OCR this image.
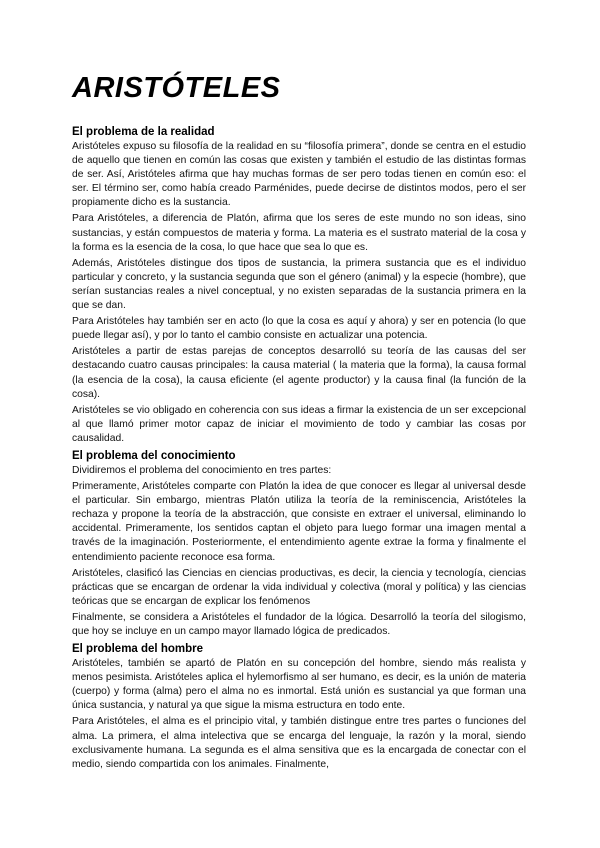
ARISTÓTELES
El problema de la realidad

Aristóteles expuso su filosofía de la realidad en su “filosofía primera”, donde se centra en el estudio de aquello que tienen en común las cosas que existen y también el estudio de las distintas formas de ser. Así, Aristóteles afirma que hay muchas formas de ser pero todas tienen en común eso: el ser. El término ser, como había creado Parménides, puede decirse de distintos modos, pero el ser propiamente dicho es la sustancia.

Para Aristóteles, a diferencia de Platón, afirma que los seres de este mundo no son ideas, sino sustancias, y están compuestos de materia y forma. La materia es el sustrato material de la cosa y la forma es la esencia de la cosa, lo que hace que sea lo que es.

Además, Aristóteles distingue dos tipos de sustancia, la primera sustancia que es el individuo particular y concreto, y la sustancia segunda que son el género (animal) y la especie (hombre), que serían sustancias reales a nivel conceptual, y no existen separadas de la sustancia primera en la que se dan.

Para Aristóteles hay también ser en acto (lo que la cosa es aquí y ahora) y ser en potencia (lo que puede llegar así), y por lo tanto el cambio consiste en actualizar una potencia.

Aristóteles a partir de estas parejas de conceptos desarrolló su teoría de las causas del ser destacando cuatro causas principales: la causa material ( la materia que la forma), la causa formal (la esencia de la cosa), la causa eficiente (el agente productor) y la causa final (la función de la cosa).

Aristóteles se vio obligado en coherencia con sus ideas a firmar la existencia de un ser excepcional al que llamó primer motor capaz de iniciar el movimiento de todo y cambiar las cosas por causalidad.

El problema del conocimiento

Dividiremos el problema del conocimiento en tres partes:

Primeramente, Aristóteles comparte con Platón la idea de que conocer es llegar al universal desde el particular. Sin embargo, mientras Platón utiliza la teoría de la reminiscencia, Aristóteles la rechaza y propone la teoría de la abstracción, que consiste en extraer el universal, eliminando lo accidental. Primeramente, los sentidos captan el objeto para luego formar una imagen mental a través de la imaginación. Posteriormente, el entendimiento agente extrae la forma y finalmente el entendimiento paciente reconoce esa forma.

Aristóteles, clasificó las Ciencias en ciencias productivas, es decir, la ciencia y tecnología, ciencias prácticas que se encargan de ordenar la vida individual y colectiva (moral y política) y las ciencias teóricas que se encargan de explicar los fenómenos

Finalmente, se considera a Aristóteles el fundador de la lógica. Desarrolló la teoría del silogismo, que hoy se incluye en un campo mayor llamado lógica de predicados.

El problema del hombre

Aristóteles, también se apartó de Platón en su concepción del hombre, siendo más realista y menos pesimista. Aristóteles aplica el hylemorfismo al ser humano, es decir, es la unión de materia (cuerpo) y forma (alma) pero el alma no es inmortal. Está unión es sustancial ya que forman una única sustancia, y natural ya que sigue la misma estructura en todo ente.

Para Aristóteles, el alma es el principio vital, y también distingue entre tres partes o funciones del alma. La primera, el alma intelectiva que se encarga del lenguaje, la razón y la moral, siendo exclusivamente humana. La segunda es el alma sensitiva que es la encargada de conectar con el medio, siendo compartida con los animales. Finalmente,
